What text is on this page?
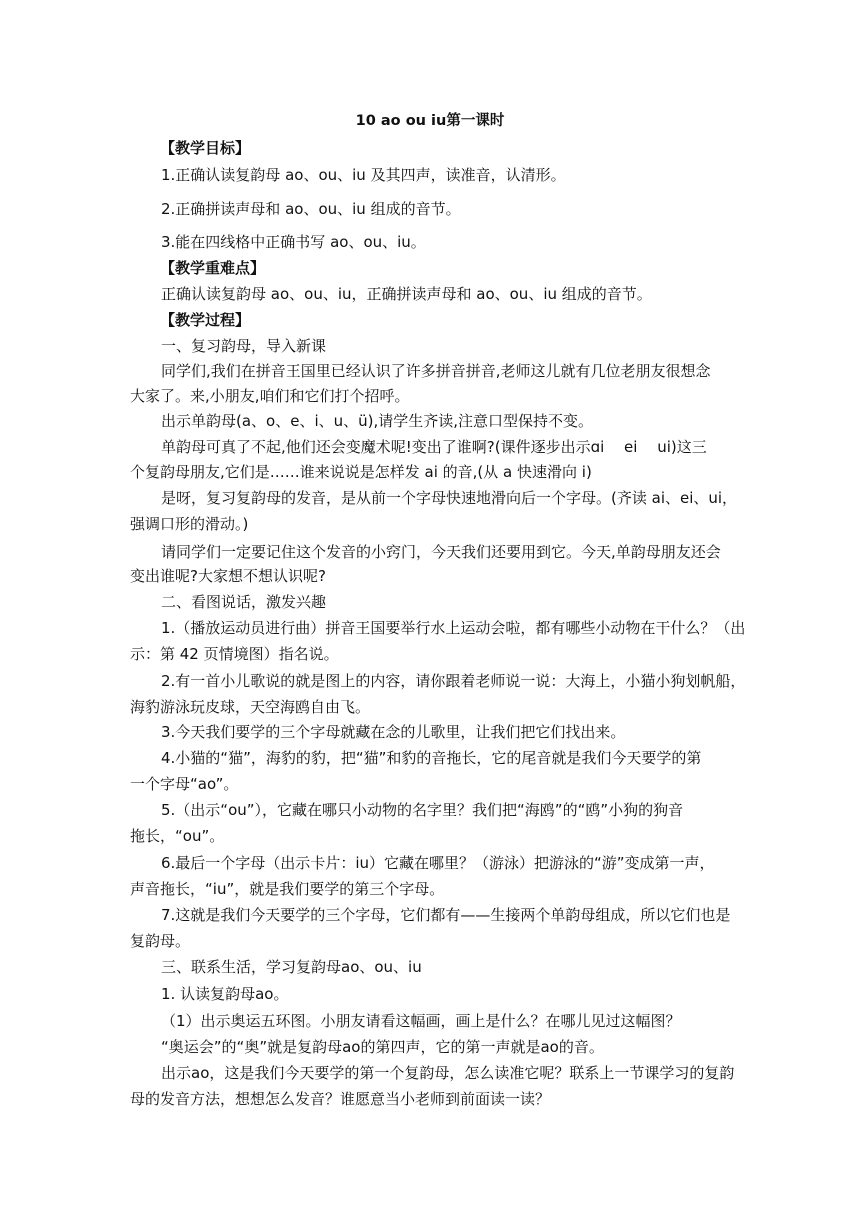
10 ao ou iu第一课时
【教学目标】
1.正确认读复韵母 ao、ou、iu 及其四声，读准音，认清形。
2.正确拼读声母和 ao、ou、iu 组成的音节。
3.能在四线格中正确书写 ao、ou、iu。
【教学重难点】
正确认读复韵母 ao、ou、iu，正确拼读声母和 ao、ou、iu 组成的音节。
【教学过程】
一、复习韵母，导入新课
同学们,我们在拼音王国里已经认识了许多拼音拼音,老师这儿就有几位老朋友很想念
大家了。来,小朋友,咱们和它们打个招呼。
出示单韵母(a、o、e、i、u、ü),请学生齐读,注意口型保持不变。
单韵母可真了不起,他们还会变魔术呢!变出了谁啊?(课件逐步出示ɑi　 ei　 ui)这三
个复韵母朋友,它们是……谁来说说是怎样发 ai 的音,(从 a 快速滑向 i)
是呀，复习复韵母的发音，是从前一个字母快速地滑向后一个字母。(齐读 ai、ei、ui，
强调口形的滑动。)
请同学们一定要记住这个发音的小窍门，今天我们还要用到它。今天,单韵母朋友还会
变出谁呢?大家想不想认识呢?
二、看图说话，激发兴趣
1.（播放运动员进行曲）拼音王国要举行水上运动会啦，都有哪些小动物在干什么？（出
示：第 42 页情境图）指名说。
2.有一首小儿歌说的就是图上的内容，请你跟着老师说一说：大海上，小猫小狗划帆船，
海豹游泳玩皮球，天空海鸥自由飞。
3.今天我们要学的三个字母就藏在念的儿歌里，让我们把它们找出来。
4.小猫的“猫”，海豹的豹，把“猫”和豹的音拖长，它的尾音就是我们今天要学的第
一个字母“ao”。
5.（出示“ou”），它藏在哪只小动物的名字里？我们把“海鸥”的“鸥”小狗的狗音
拖长，“ou”。
6.最后一个字母（出示卡片：iu）它藏在哪里？（游泳）把游泳的“游”变成第一声，
声音拖长，“iu”，就是我们要学的第三个字母。
7.这就是我们今天要学的三个字母，它们都有——生接两个单韵母组成，所以它们也是
复韵母。
三、联系生活，学习复韵母ao、ou、iu
1. 认读复韵母ao。
（1）出示奥运五环图。小朋友请看这幅画，画上是什么？在哪儿见过这幅图？
“奥运会”的“奥”就是复韵母ao的第四声，它的第一声就是ao的音。
出示ao，这是我们今天要学的第一个复韵母，怎么读准它呢？联系上一节课学习的复韵
母的发音方法，想想怎么发音？谁愿意当小老师到前面读一读？
